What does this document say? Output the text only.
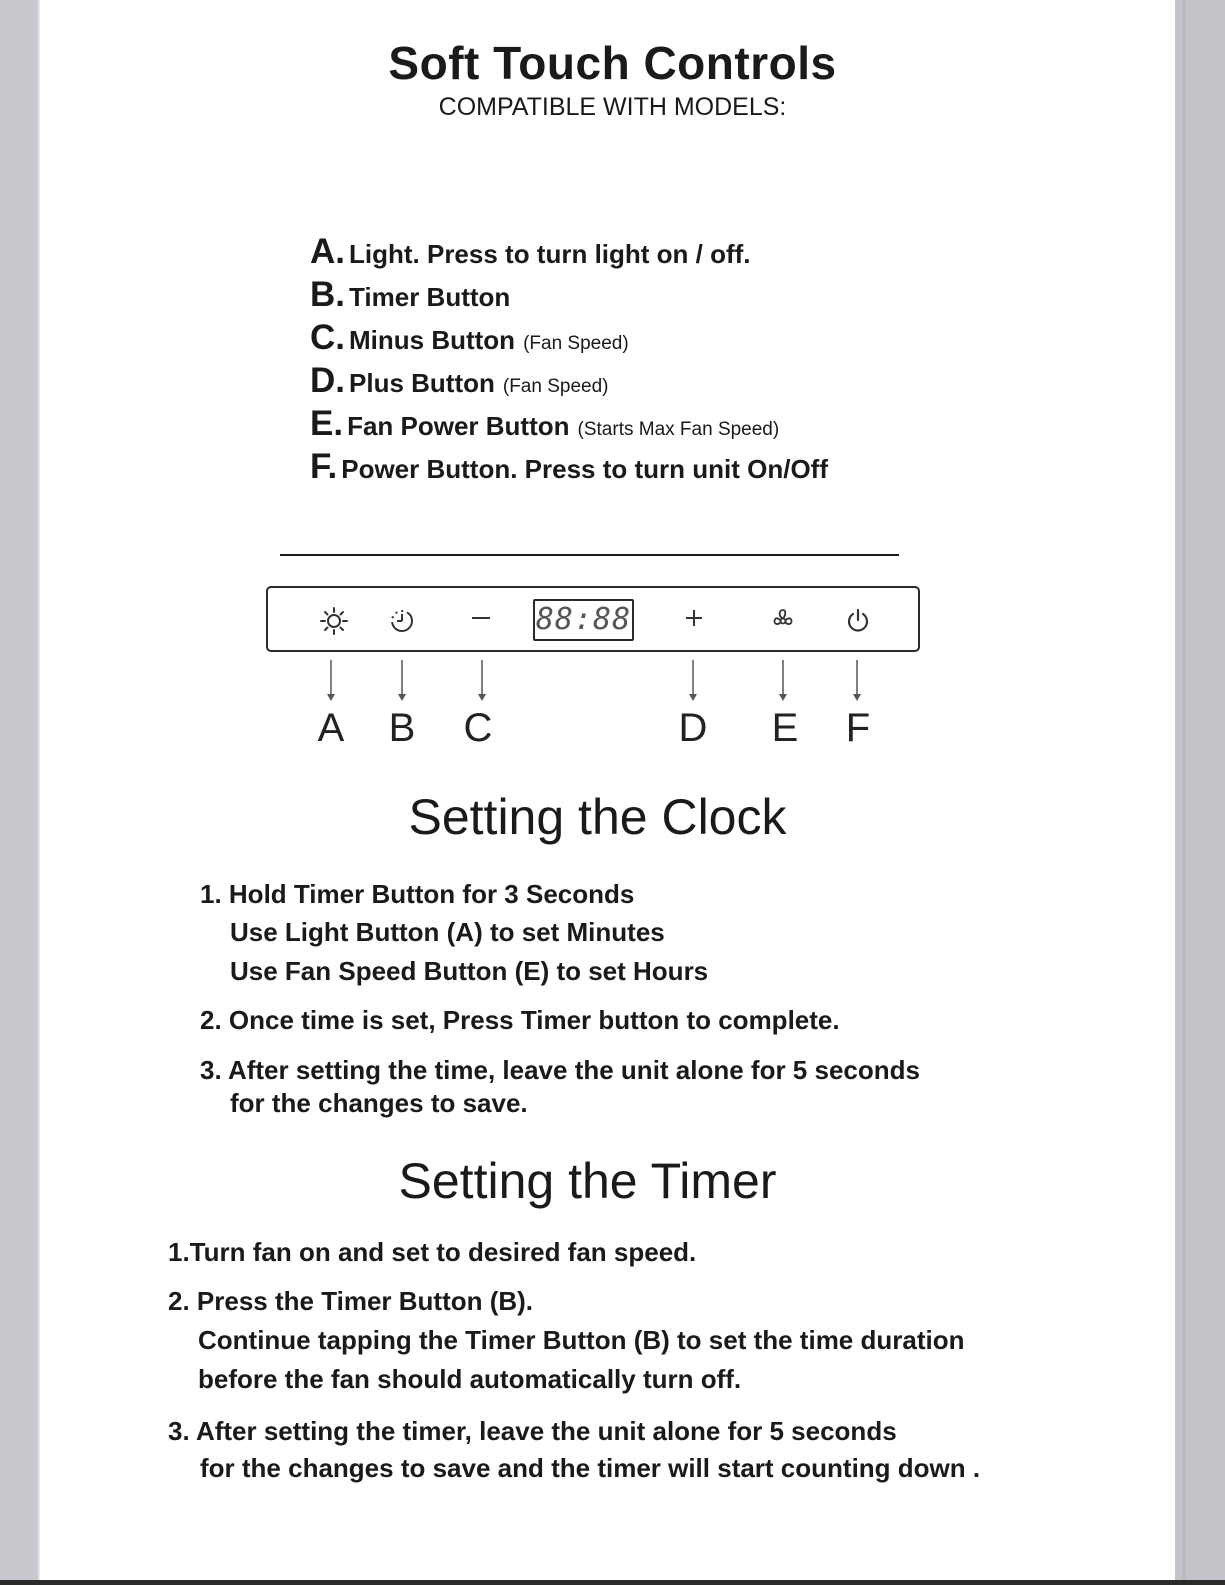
Soft Touch Controls
COMPATIBLE WITH MODELS:
A. Light. Press to turn light on / off.
B. Timer Button
C. Minus Button (Fan Speed)
D. Plus Button (Fan Speed)
E. Fan Power Button (Starts Max Fan Speed)
F. Power Button. Press to turn unit On/Off
88:88
A B C	D E F
Setting the Clock

1. Hold Timer Button for 3 Seconds

Use Light Button (A) to set Minutes

Use Fan Speed Button (E) to set Hours

2. Once time is set, Press Timer button to complete.

3. After setting the time, leave the unit alone for 5 seconds

for the changes to save.

Setting the Timer

1.Turn fan on and set to desired fan speed.

2. Press the Timer Button (B).

Continue tapping the Timer Button (B) to set the time duration

before the fan should automatically turn off.

3. After setting the timer, leave the unit alone for 5 seconds

for the changes to save and the timer will start counting down .
